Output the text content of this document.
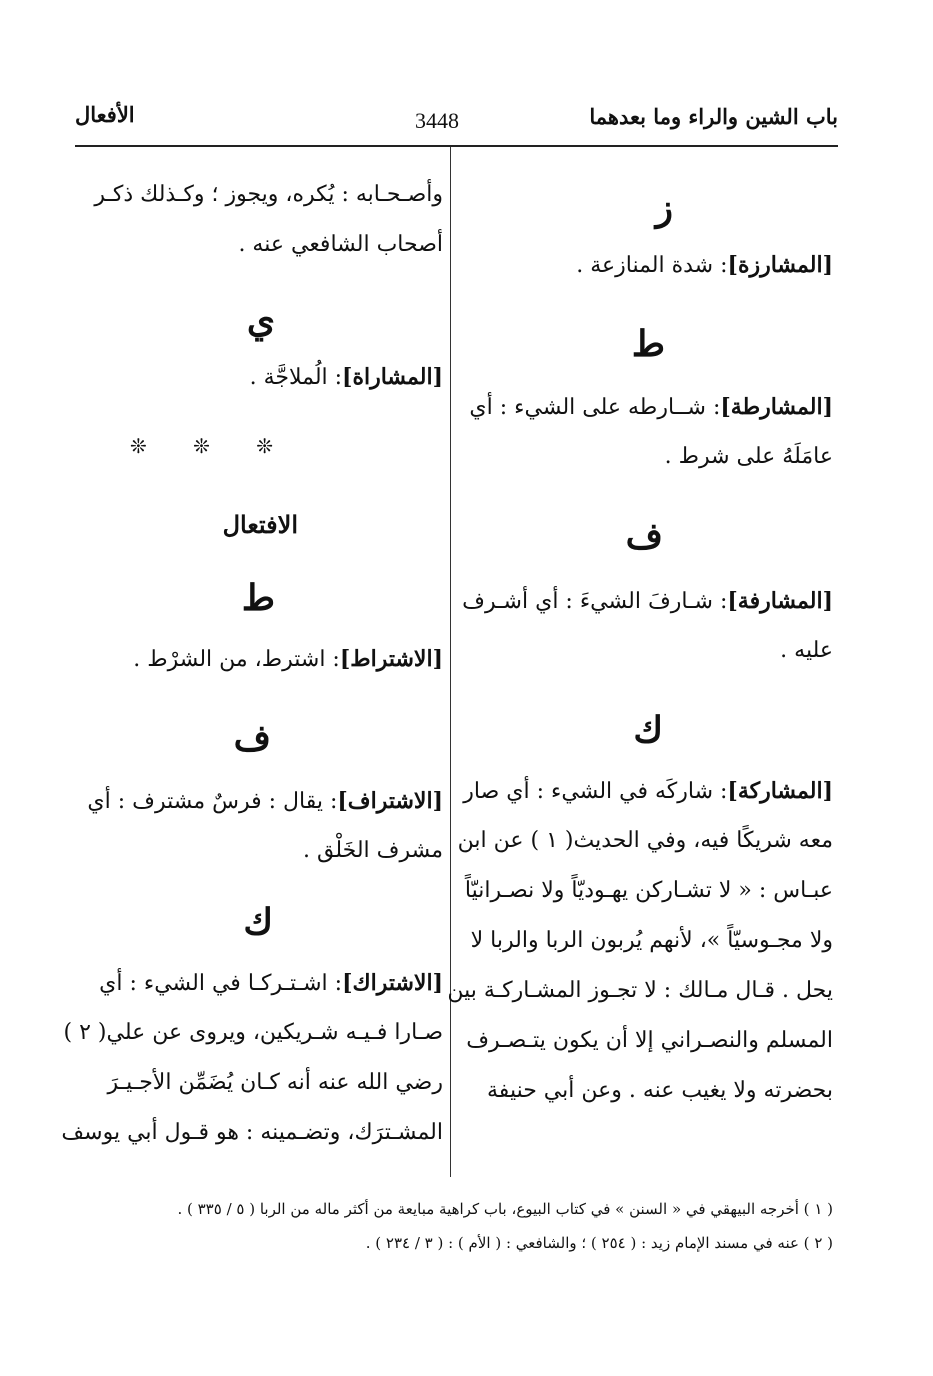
باب الشين والراء وما بعدهما
3448
الأفعال
ز
[المشارزة]: شدة المنازعة .
ط
[المشارطة]: شــارطه على الشيء : أي
عامَلَهُ على شرط .
ف
[المشارفة]: شـارفَ الشيءَ : أي أشـرف
عليه .
ك
[المشاركة]: شاركَه في الشيء : أي صار
معه شريكًا فيه، وفي الحديث( ١ ) عن ابن
عبـاس : « لا تشـاركن يهـوديّاً ولا نصـرانيّاً
ولا مجـوسيّاً »، لأنهم يُربون الربا والربا لا
يحل . قـال مـالك : لا تجـوز المشـاركـة بين
المسلم والنصـراني إلا أن يكون يتـصـرف
بحضرته ولا يغيب عنه . وعن أبي حنيفة
وأصـحـابه : يُكره، ويجوز ؛ وكـذلك ذكـر
أصحاب الشافعي عنه .
ي
[المشاراة]: الُملاجَّة .
❊ ❊ ❊
الافتعال
ط
[الاشتراط]: اشترط، من الشرْط .
ف
[الاشتراف]: يقال : فرسٌ مشترف : أي
مشرف الخَلْق .
ك
[الاشتراك]: اشـتـركـا في الشيء : أي
صـارا فـيـه شـريكين، ويروى عن علي( ٢ )
رضي الله عنه أنه كـان يُضَمِّن الأجـيـرَ
المشـترَك، وتضـمينه : هو قـول أبي يوسف
( ١ ) أخرجه البيهقي في « السنن » في كتاب البيوع، باب كراهية مبايعة من أكثر ماله من الربا ( ٥ / ٣٣٥ ) .
( ٢ ) عنه في مسند الإمام زيد : ( ٢٥٤ ) ؛ والشافعي : ( الأم ) : ( ٣ / ٢٣٤ ) .
